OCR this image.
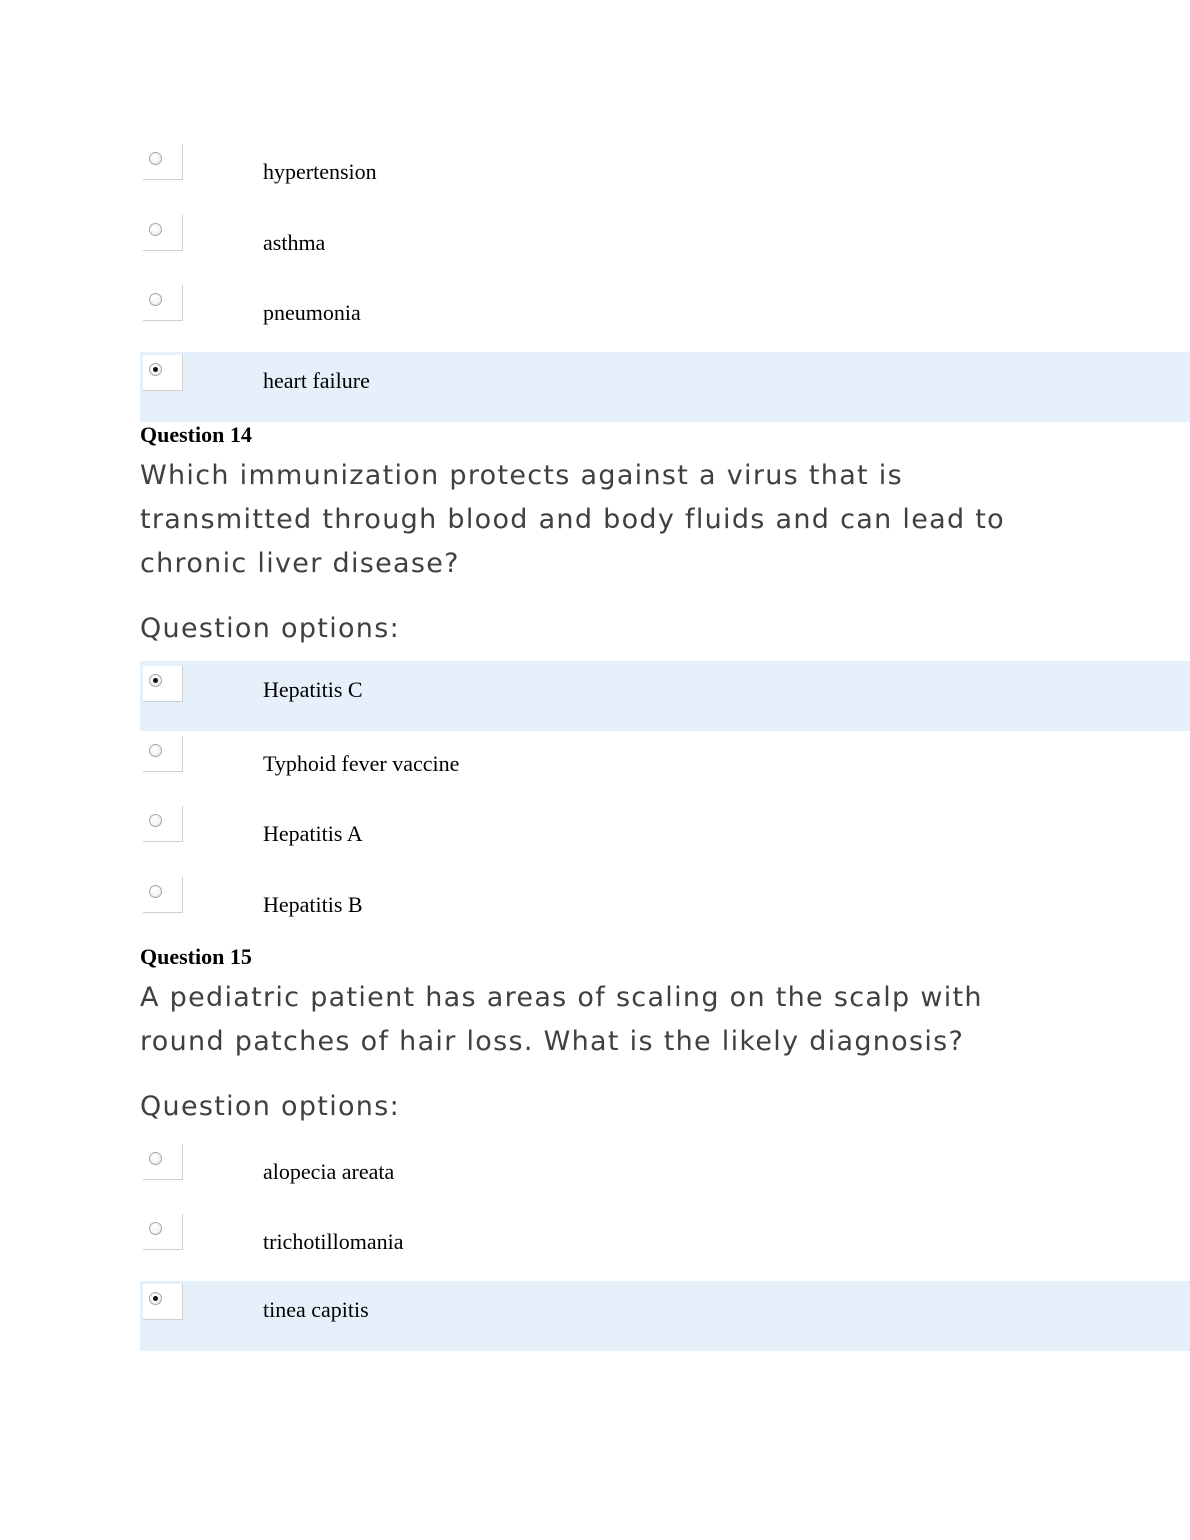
hypertension
asthma
pneumonia
heart failure
Question 14
Which immunization protects against a virus that is transmitted through blood and body fluids and can lead to chronic liver disease?
Question options:
Hepatitis C
Typhoid fever vaccine
Hepatitis A
Hepatitis B
Question 15
A pediatric patient has areas of scaling on the scalp with round patches of hair loss. What is the likely diagnosis?
Question options:
alopecia areata
trichotillomania
tinea capitis
